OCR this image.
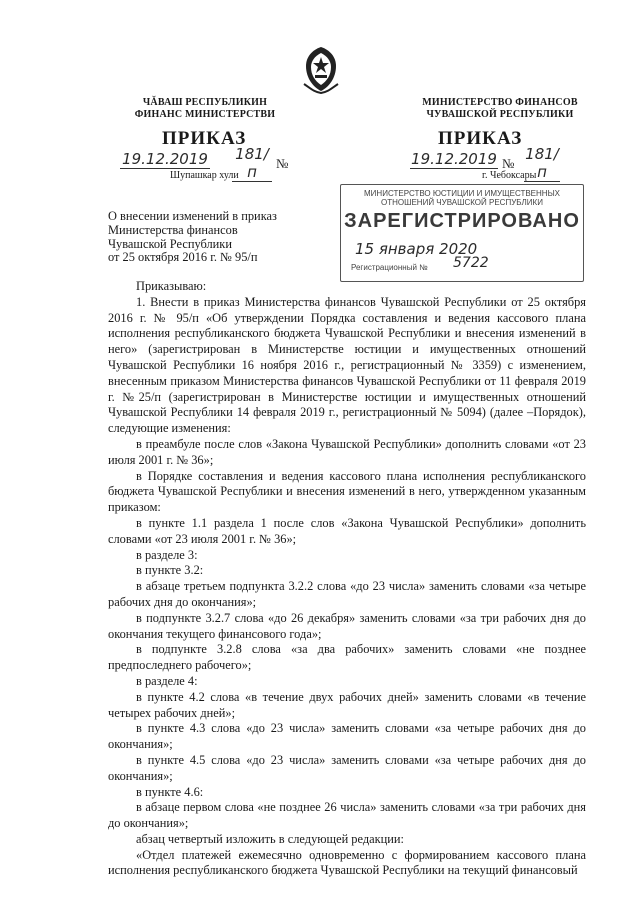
ЧĂВАШ РЕСПУБЛИКИН
ФИНАНС МИНИСТЕРСТВИ
МИНИСТЕРСТВО ФИНАНСОВ
ЧУВАШСКОЙ РЕСПУБЛИКИ
ПРИКАЗ	ПРИКАЗ
19.12.2019 181/п	№
Шупашкар хули
19.12.2019 №
181/п
г. Чебоксары
МИНИСТЕРСТВО ЮСТИЦИИ И ИМУЩЕСТВЕННЫХ
ОТНОШЕНИЙ ЧУВАШСКОЙ РЕСПУБЛИКИ
ЗАРЕГИСТРИРОВАНО
15 января 2020
Регистрационный № 5722
О внесении изменений в приказ
Министерства финансов
Чувашской Республики
от 25 октября 2016 г. № 95/п

Приказываю:

1. Внести в приказ Министерства финансов Чувашской Республики от 25 октября 2016 г. № 95/п «Об утверждении Порядка составления и ведения кассового плана исполнения республиканского бюджета Чувашской Республики и внесения изменений в него» (зарегистрирован в Министерстве юстиции и имущественных отношений Чувашской Республики 16 ноября 2016 г., регистрационный № 3359) с изменением, внесенным приказом Министерства финансов Чувашской Республики от 11 февраля 2019 г. №25/п (зарегистрирован в Министерстве юстиции и имущественных отношений Чувашской Республики 14 февраля 2019 г., регистрационный № 5094) (далее –Порядок), следующие изменения:

в преамбуле после слов «Закона Чувашской Республики» дополнить словами «от 23 июля 2001 г. № 36»;

в Порядке составления и ведения кассового плана исполнения республиканского бюджета Чувашской Республики и внесения изменений в него, утвержденном указанным приказом:

в пункте 1.1 раздела 1 после слов «Закона Чувашской Республики» дополнить словами «от 23 июля 2001 г. № 36»;

в разделе 3:

в пункте 3.2:

в абзаце третьем подпункта 3.2.2 слова «до 23 числа» заменить словами «за четыре рабочих дня до окончания»;

в подпункте 3.2.7 слова «до 26 декабря» заменить словами «за три рабочих дня до окончания текущего финансового года»;

в подпункте 3.2.8 слова «за два рабочих» заменить словами «не позднее предпоследнего рабочего»;

в разделе 4:

в пункте 4.2 слова «в течение двух рабочих дней» заменить словами «в течение четырех рабочих дней»;

в пункте 4.3 слова «до 23 числа» заменить словами «за четыре рабочих дня до окончания»;

в пункте 4.5 слова «до 23 числа» заменить словами «за четыре рабочих дня до окончания»;

в пункте 4.6:

в абзаце первом слова «не позднее 26 числа» заменить словами «за три рабочих дня до окончания»;

абзац четвертый изложить в следующей редакции:

«Отдел платежей ежемесячно одновременно с формированием кассового плана исполнения республиканского бюджета Чувашской Республики на текущий финансовый
